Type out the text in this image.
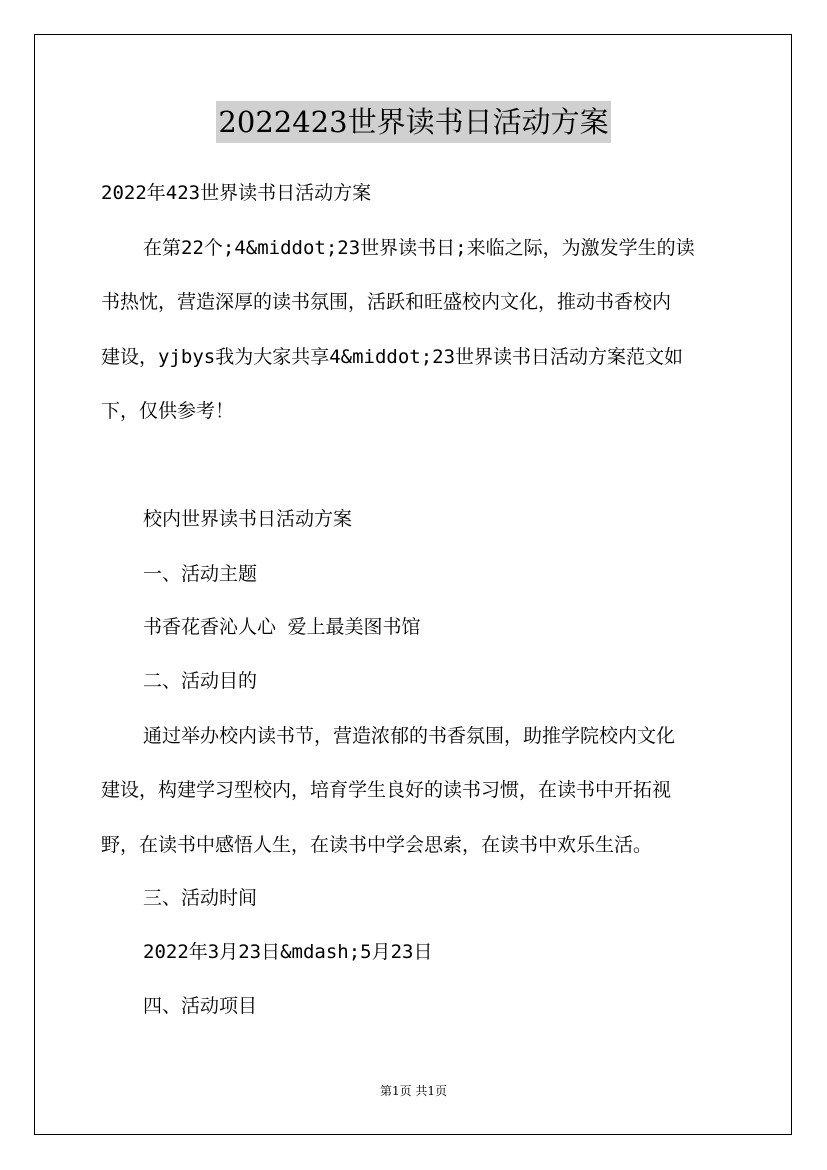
2022423世界读书日活动方案
2022年423世界读书日活动方案
在第22个;4&middot;23世界读书日;来临之际，为激发学生的读
书热忱，营造深厚的读书氛围，活跃和旺盛校内文化，推动书香校内
建设，yjbys我为大家共享4&middot;23世界读书日活动方案范文如
下，仅供参考！
校内世界读书日活动方案
一、活动主题
书香花香沁人心 爱上最美图书馆
二、活动目的
通过举办校内读书节，营造浓郁的书香氛围，助推学院校内文化
建设，构建学习型校内，培育学生良好的读书习惯，在读书中开拓视
野，在读书中感悟人生，在读书中学会思索，在读书中欢乐生活。
三、活动时间
2022年3月23日&mdash;5月23日
四、活动项目
第1页 共1页
